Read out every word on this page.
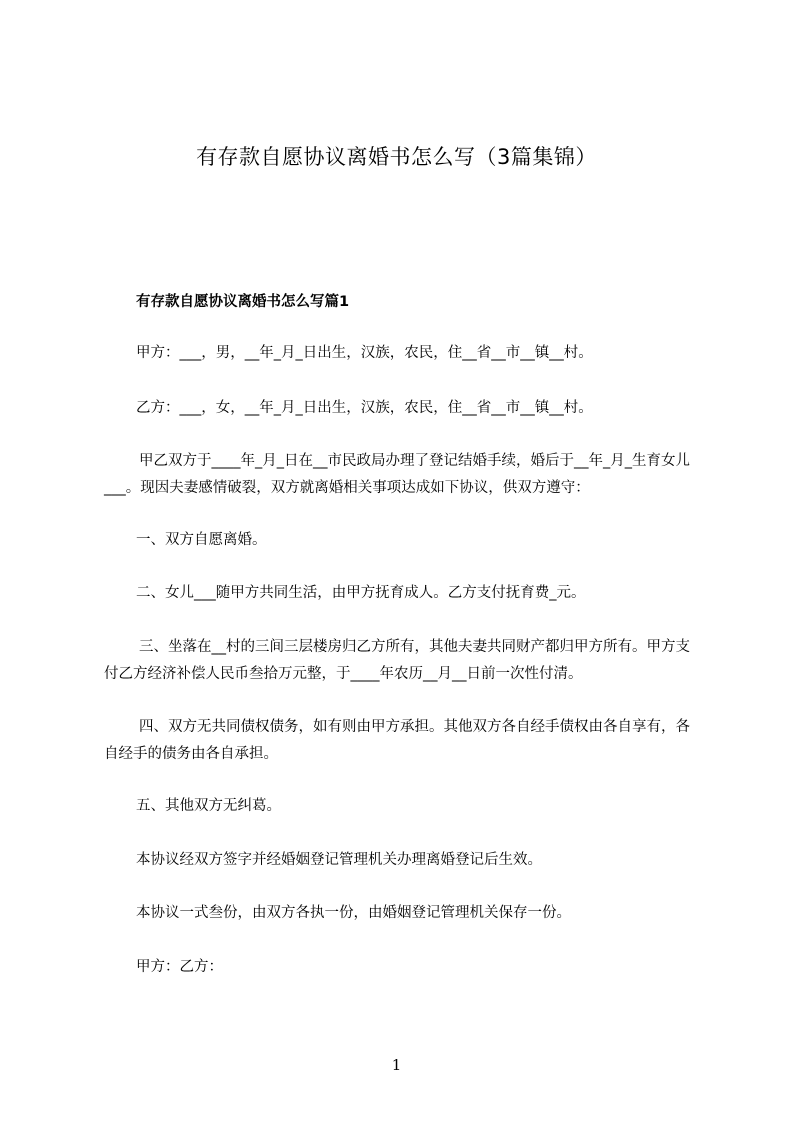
有存款自愿协议离婚书怎么写（3篇集锦）
有存款自愿协议离婚书怎么写篇1
甲方：___，男，__年_月_日出生，汉族，农民，住__省__市__镇__村。
乙方：___，女，__年_月_日出生，汉族，农民，住__省__市__镇__村。
甲乙双方于____年_月_日在__市民政局办理了登记结婚手续，婚后于__年_月_生育女儿___。现因夫妻感情破裂，双方就离婚相关事项达成如下协议，供双方遵守：
一、双方自愿离婚。
二、女儿___随甲方共同生活，由甲方抚育成人。乙方支付抚育费_元。
三、坐落在__村的三间三层楼房归乙方所有，其他夫妻共同财产都归甲方所有。甲方支付乙方经济补偿人民币叁拾万元整，于____年农历__月__日前一次性付清。
四、双方无共同债权债务，如有则由甲方承担。其他双方各自经手债权由各自享有，各自经手的债务由各自承担。
五、其他双方无纠葛。
本协议经双方签字并经婚姻登记管理机关办理离婚登记后生效。
本协议一式叁份，由双方各执一份，由婚姻登记管理机关保存一份。
甲方：乙方：
1
